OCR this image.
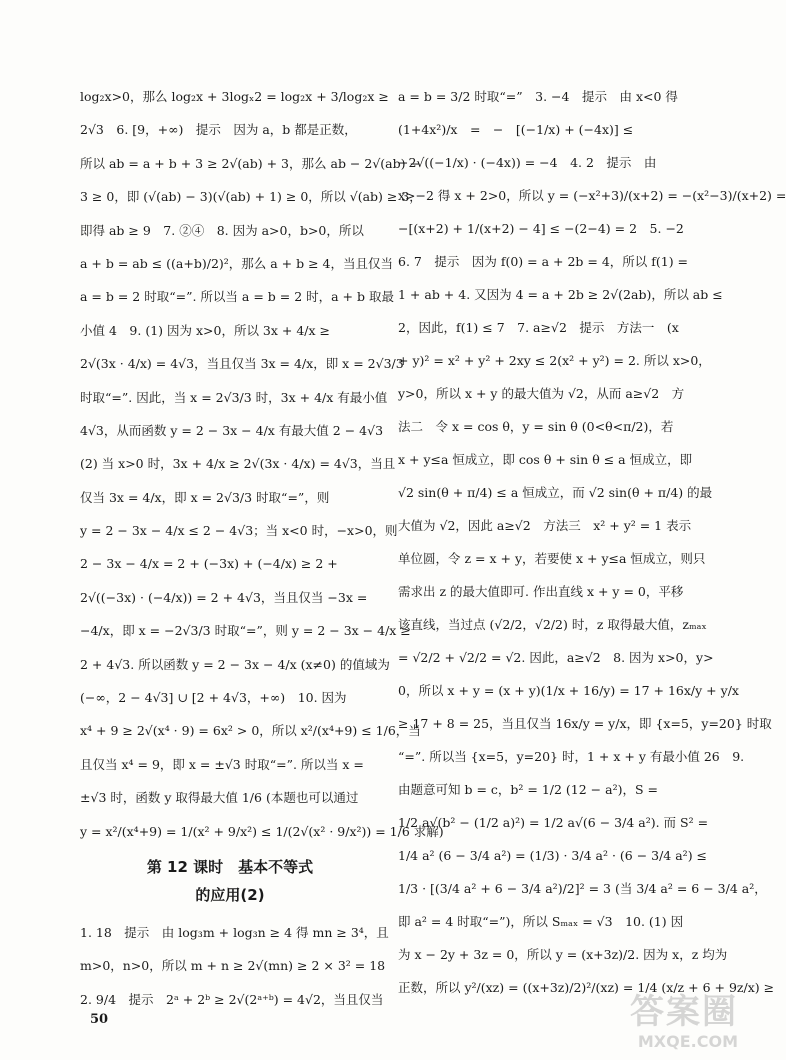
log₂x>0，那么 log₂x + 3logₓ2 = log₂x + 3/log₂x ≥

2√3　6. [9，+∞)　提示　因为 a，b 都是正数，

所以 ab = a + b + 3 ≥ 2√(ab) + 3，那么 ab − 2√(ab) −

3 ≥ 0，即 (√(ab) − 3)(√(ab) + 1) ≥ 0，所以 √(ab) ≥ 3，

即得 ab ≥ 9　7. ②④　8. 因为 a>0，b>0，所以

a + b = ab ≤ ((a+b)/2)²，那么 a + b ≥ 4，当且仅当

a = b = 2 时取“=”. 所以当 a = b = 2 时，a + b 取最

小值 4　9. (1) 因为 x>0，所以 3x + 4/x ≥

2√(3x · 4/x) = 4√3，当且仅当 3x = 4/x，即 x = 2√3/3

时取“=”. 因此，当 x = 2√3/3 时，3x + 4/x 有最小值

4√3，从而函数 y = 2 − 3x − 4/x 有最大值 2 − 4√3

(2) 当 x>0 时，3x + 4/x ≥ 2√(3x · 4/x) = 4√3，当且

仅当 3x = 4/x，即 x = 2√3/3 时取“=”，则

y = 2 − 3x − 4/x ≤ 2 − 4√3；当 x<0 时，−x>0，则

2 − 3x − 4/x = 2 + (−3x) + (−4/x) ≥ 2 +

2√((−3x) · (−4/x)) = 2 + 4√3，当且仅当 −3x =

−4/x，即 x = −2√3/3 时取“=”，则 y = 2 − 3x − 4/x ≥

2 + 4√3. 所以函数 y = 2 − 3x − 4/x (x≠0) 的值域为

(−∞，2 − 4√3] ∪ [2 + 4√3，+∞)　10. 因为

x⁴ + 9 ≥ 2√(x⁴ · 9) = 6x² > 0，所以 x²/(x⁴+9) ≤ 1/6，当

且仅当 x⁴ = 9，即 x = ±√3 时取“=”. 所以当 x =

±√3 时，函数 y 取得最大值 1/6 (本题也可以通过

y = x²/(x⁴+9) = 1/(x² + 9/x²) ≤ 1/(2√(x² · 9/x²)) = 1/6 求解)

第 12 课时　基本不等式
的应用(2)

1. 18　提示　由 log₃m + log₃n ≥ 4 得 mn ≥ 3⁴，且

m>0，n>0，所以 m + n ≥ 2√(mn) ≥ 2 × 3² = 18

2. 9/4　提示　2ᵃ + 2ᵇ ≥ 2√(2ᵃ⁺ᵇ) = 4√2，当且仅当

a = b = 3/2 时取“=”　3. −4　提示　由 x<0 得

(1+4x²)/x　=　−　[(−1/x) + (−4x)] ≤

−2√((−1/x) · (−4x)) = −4　4. 2　提示　由

x>−2 得 x + 2>0，所以 y = (−x²+3)/(x+2) = −(x²−3)/(x+2) =

−[(x+2) + 1/(x+2) − 4] ≤ −(2−4) = 2　5. −2

6. 7　提示　因为 f(0) = a + 2b = 4，所以 f(1) =

1 + ab + 4. 又因为 4 = a + 2b ≥ 2√(2ab)，所以 ab ≤

2，因此，f(1) ≤ 7　7. a≥√2　提示　方法一　(x

+ y)² = x² + y² + 2xy ≤ 2(x² + y²) = 2. 所以 x>0，

y>0，所以 x + y 的最大值为 √2，从而 a≥√2　方

法二　令 x = cos θ，y = sin θ (0<θ<π/2)，若

x + y≤a 恒成立，即 cos θ + sin θ ≤ a 恒成立，即

√2 sin(θ + π/4) ≤ a 恒成立，而 √2 sin(θ + π/4) 的最

大值为 √2，因此 a≥√2　方法三　x² + y² = 1 表示

单位圆，令 z = x + y，若要使 x + y≤a 恒成立，则只

需求出 z 的最大值即可. 作出直线 x + y = 0，平移

该直线，当过点 (√2/2，√2/2) 时，z 取得最大值，zₘₐₓ

= √2/2 + √2/2 = √2. 因此，a≥√2　8. 因为 x>0，y>

0，所以 x + y = (x + y)(1/x + 16/y) = 17 + 16x/y + y/x

≥ 17 + 8 = 25，当且仅当 16x/y = y/x，即 {x=5，y=20} 时取

“=”. 所以当 {x=5，y=20} 时，1 + x + y 有最小值 26　9.

由题意可知 b = c，b² = 1/2 (12 − a²)，S =

1/2 a√(b² − (1/2 a)²) = 1/2 a√(6 − 3/4 a²). 而 S² =

1/4 a² (6 − 3/4 a²) = (1/3) · 3/4 a² · (6 − 3/4 a²) ≤

1/3 · [(3/4 a² + 6 − 3/4 a²)/2]² = 3 (当 3/4 a² = 6 − 3/4 a²，

即 a² = 4 时取“=”)，所以 Sₘₐₓ = √3　10. (1) 因

为 x − 2y + 3z = 0，所以 y = (x+3z)/2. 因为 x，z 均为

正数，所以 y²/(xz) = ((x+3z)/2)²/(xz) = 1/4 (x/z + 6 + 9z/x) ≥

50	答案圈
MXQE.COM
